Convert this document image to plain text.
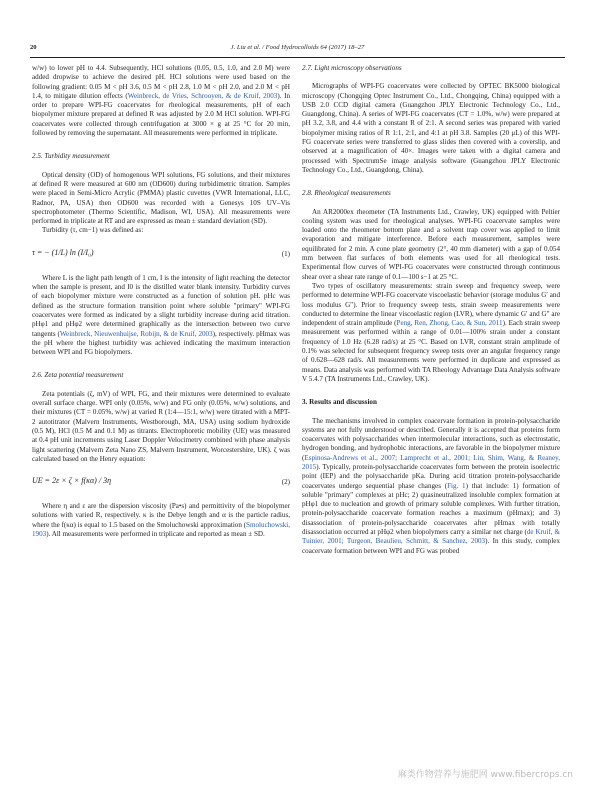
20	J. Liu et al. / Food Hydrocolloids 64 (2017) 18–27

w/w) to lower pH to 4.4. Subsequently, HCl solutions (0.05, 0.5, 1.0, and 2.0 M) were added dropwise to achieve the desired pH. HCl solutions were used based on the following gradient: 0.05 M < pH 3.6, 0.5 M < pH 2.8, 1.0 M < pH 2.0, and 2.0 M < pH 1.4, to mitigate dilution effects (Weinbreck, de Vries, Schrooyen, & de Kruif, 2003). In order to prepare WPI-FG coacervates for rheological measurements, pH of each biopolymer mixture prepared at defined R was adjusted by 2.0 M HCl solution. WPI-FG coacervates were collected through centrifugation at 3000 × g at 25 °C for 20 min, followed by removing the supernatant. All measurements were performed in triplicate.

2.5. Turbidity measurement

Optical density (OD) of homogenous WPI solutions, FG solutions, and their mixtures at defined R were measured at 600 nm (OD600) during turbidimetric titration. Samples were placed in Semi-Micro Acrylic (PMMA) plastic cuvettes (VWR International, LLC, Radnor, PA, USA) then OD600 was recorded with a Genesys 10S UV–Vis spectrophotometer (Thermo Scientific, Madison, WI, USA). All measurements were performed in triplicate at RT and are expressed as mean ± standard deviation (SD).

Turbidity (τ, cm−1) was defined as:

τ = − (1/L) ln (I/I₀)	(1)

Where L is the light path length of 1 cm, I is the intensity of light reaching the detector when the sample is present, and I0 is the distilled water blank intensity. Turbidity curves of each biopolymer mixture were constructed as a function of solution pH. pHc was defined as the structure formation transition point where soluble "primary" WPI-FG coacervates were formed as indicated by a slight turbidity increase during acid titration. pHφ1 and pHφ2 were determined graphically as the intersection between two curve tangents (Weinbreck, Nieuwenhuijse, Robijn, & de Kruif, 2003), respectively. pHmax was the pH where the highest turbidity was achieved indicating the maximum interaction between WPI and FG biopolymers.

2.6. Zeta potential measurement

Zeta potentials (ζ, mV) of WPI, FG, and their mixtures were determined to evaluate overall surface charge. WPI only (0.05%, w/w) and FG only (0.05%, w/w) solutions, and their mixtures (CT = 0.05%, w/w) at varied R (1:4—15:1, w/w) were titrated with a MPT-2 autotitrator (Malvern Instruments, Westborough, MA, USA) using sodium hydroxide (0.5 M), HCl (0.5 M and 0.1 M) as titrants. Electrophoretic mobility (UE) was measured at 0.4 pH unit increments using Laser Doppler Velocimetry combined with phase analysis light scattering (Malvern Zeta Nano ZS, Malvern Instrument, Worcestershire, UK). ζ was calculated based on the Henry equation:

UE = 2ε × ζ × f(κα) / 3η	(2)

Where η and ε are the dispersion viscosity (Pa•s) and permittivity of the biopolymer solutions with varied R, respectively. κ is the Debye length and α is the particle radius, where the f(κα) is equal to 1.5 based on the Smoluchowski approximation (Smoluchowski, 1903). All measurements were performed in triplicate and reported as mean ± SD.

2.7. Light microscopy observations

Micrographs of WPI-FG coacervates were collected by OPTEC BK5000 biological microscopy (Chongqing Optec Instrument Co., Ltd., Chongqing, China) equipped with a USB 2.0 CCD digital camera (Guangzhou JPLY Electronic Technology Co., Ltd., Guangdong, China). A series of WPI-FG coacervates (CT = 1.0%, w/w) were prepared at pH 3.2, 3.8, and 4.4 with a constant R of 2:1. A second series was prepared with varied biopolymer mixing ratios of R 1:1, 2:1, and 4:1 at pH 3.8. Samples (20 μL) of this WPI-FG coacervate series were transferred to glass slides then covered with a coverslip, and observed at a magnification of 40×. Images were taken with a digital camera and processed with SpectrumSe image analysis software (Guangzhou JPLY Electronic Technology Co., Ltd., Guangdong, China).

2.8. Rheological measurements

An AR2000ex rheometer (TA Instruments Ltd., Crawley, UK) equipped with Peltier cooling system was used for rheological analyses. WPI-FG coacervate samples were loaded onto the rheometer bottom plate and a solvent trap cover was applied to limit evaporation and mitigate interference. Before each measurement, samples were equilibrated for 2 min. A cone plate geometry (2°, 40 mm diameter) with a gap of 0.054 mm between flat surfaces of both elements was used for all rheological tests. Experimental flow curves of WPI-FG coacervates were constructed through continuous shear over a shear rate range of 0.1—100 s−1 at 25 °C.

Two types of oscillatory measurements: strain sweep and frequency sweep, were performed to determine WPI-FG coacervate viscoelastic behavior (storage modulus G′ and loss modulus G″). Prior to frequency sweep tests, strain sweep measurements were conducted to determine the linear viscoelastic region (LVR), where dynamic G′ and G″ are independent of strain amplitude (Peng, Ren, Zhong, Cao, & Sun, 2011). Each strain sweep measurement was performed within a range of 0.01—100% strain under a constant frequency of 1.0 Hz (6.28 rad/s) at 25 °C. Based on LVR, constant strain amplitude of 0.1% was selected for subsequent frequency sweep tests over an angular frequency range of 0.628—628 rad/s. All measurements were performed in duplicate and expressed as means. Data analysis was performed with TA Rheology Advantage Data Analysis software V 5.4.7 (TA Instruments Ltd., Crawley, UK).

3. Results and discussion

The mechanisms involved in complex coacervate formation in protein-polysaccharide systems are not fully understood or described. Generally it is accepted that proteins form coacervates with polysaccharides when intermolecular interactions, such as electrostatic, hydrogen bonding, and hydrophobic interactions, are favorable in the biopolymer mixture (Espinosa-Andrews et al., 2007; Lamprecht et al., 2001; Liu, Shim, Wang, & Reaney, 2015). Typically, protein-polysaccharide coacervates form between the protein isoelectric point (IEP) and the polysaccharide pKa. During acid titration protein-polysaccharide coacervates undergo sequential phase changes (Fig. 1) that include: 1) formation of soluble "primary" complexes at pHc; 2) quasineutralized insoluble complex formation at pHφ1 due to nucleation and growth of primary soluble complexes. With further titration, protein-polysaccharide coacervate formation reaches a maximum (pHmax); and 3) disassociation of protein-polysaccharide coacervates after pHmax with totally disassociation occurred at pHφ2 when biopolymers carry a similar net charge (de Kruif, & Tuinier, 2001; Turgeon, Beaulieu, Schmitt, & Sanchez, 2003). In this study, complex coacervate formation between WPI and FG was probed

麻类作物营养与施肥网 www.fibercrops.cn
